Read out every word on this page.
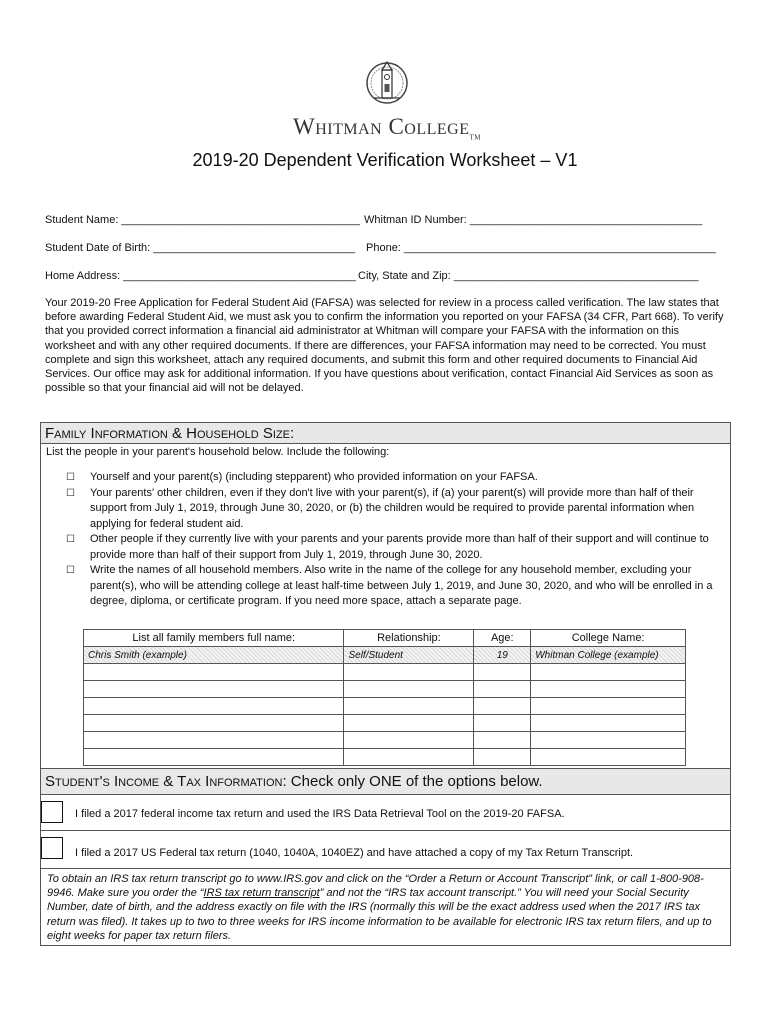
Whitman College$_{TM}$
2019-20 Dependent Verification Worksheet – V1
Student Name: _______________________________________ Whitman ID Number: ______________________________________
Student Date of Birth: _________________________________ Phone: ___________________________________________________
Home Address: ______________________________________ City, State and Zip: ________________________________________
Your 2019-20 Free Application for Federal Student Aid (FAFSA) was selected for review in a process called verification. The law states that before awarding Federal Student Aid, we must ask you to confirm the information you reported on your FAFSA (34 CFR, Part 668). To verify that you provided correct information a financial aid administrator at Whitman will compare your FAFSA with the information on this worksheet and with any other required documents. If there are differences, your FAFSA information may need to be corrected. You must complete and sign this worksheet, attach any required documents, and submit this form and other required documents to Financial Aid Services. Our office may ask for additional information. If you have questions about verification, contact Financial Aid Services as soon as possible so that your financial aid will not be delayed.
Family Information & Household Size:
List the people in your parent's household below. Include the following:
☐	Yourself and your parent(s) (including stepparent) who provided information on your FAFSA.
☐	Your parents' other children, even if they don't live with your parent(s), if (a) your parent(s) will provide more than half of their support from July 1, 2019, through June 30, 2020, or (b) the children would be required to provide parental information when applying for federal student aid.
☐	Other people if they currently live with your parents and your parents provide more than half of their support and will continue to provide more than half of their support from July 1, 2019, through June 30, 2020.
☐	Write the names of all household members. Also write in the name of the college for any household member, excluding your parent(s), who will be attending college at least half-time between July 1, 2019, and June 30, 2020, and who will be enrolled in a degree, diploma, or certificate program. If you need more space, attach a separate page.
List all family members full name:	Relationship:	Age:	College Name:
Chris Smith (example)	Self/Student	19	Whitman College (example)

Student's Income & Tax Information: Check only ONE of the options below.
I filed a 2017 federal income tax return and used the IRS Data Retrieval Tool on the 2019-20 FAFSA.
I filed a 2017 US Federal tax return (1040, 1040A, 1040EZ) and have attached a copy of my Tax Return Transcript.
To obtain an IRS tax return transcript go to www.IRS.gov and click on the “Order a Return or Account Transcript” link, or call 1-800-908-9946. Make sure you order the “IRS tax return transcript” and not the “IRS tax account transcript.” You will need your Social Security Number, date of birth, and the address exactly on file with the IRS (normally this will be the exact address used when the 2017 IRS tax return was filed). It takes up to two to three weeks for IRS income information to be available for electronic IRS tax return filers, and up to eight weeks for paper tax return filers.
